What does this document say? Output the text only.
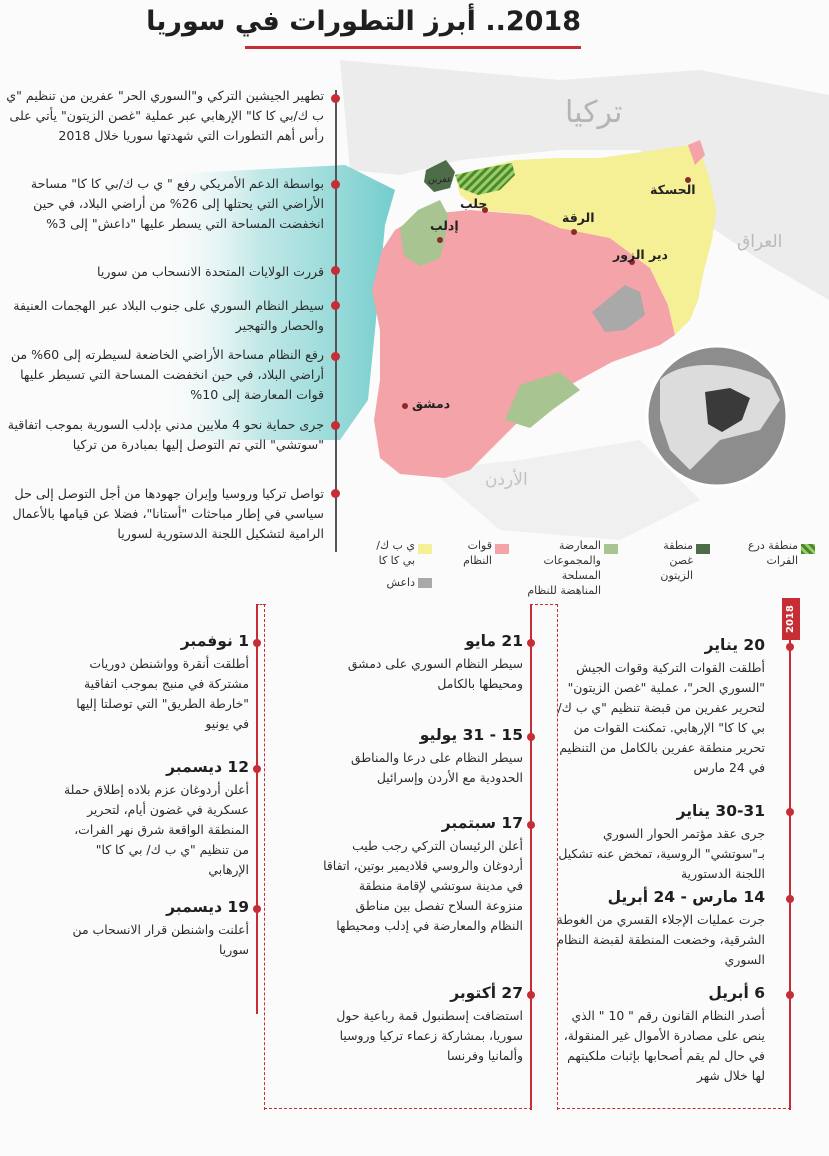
تركيا
العراق
الأردن
عفرين
حلب
إدلب
الرقة
الحسكة
دير الزور
دمشق
2018.. أبرز التطورات في سوريا
تطهير الجيشين التركي و"السوري الحر" عفرين من تنظيم "ي ب ك/بي كا كا" الإرهابي عبر عملية "غصن الزيتون" يأتي على رأس أهم التطورات التي شهدتها سوريا خلال 2018
بواسطة الدعم الأمريكي رفع " ي ب ك/بي كا كا" مساحة الأراضي التي يحتلها إلى 26% من أراضي البلاد، في حين انخفضت المساحة التي يسطر عليها "داعش" إلى 3%
قررت الولايات المتحدة الانسحاب من سوريا
سيطر النظام السوري على جنوب البلاد عبر الهجمات العنيفة والحصار والتهجير
رفع النظام مساحة الأراضي الخاضعة لسيطرته إلى 60% من أراضي البلاد، في حين انخفضت المساحة التي تسيطر عليها قوات المعارضة إلى 10%
جرى حماية نحو 4 ملايين مدني بإدلب السورية بموجب اتفاقية "سوتشي" التي تم التوصل إليها بمبادرة من تركيا
تواصل تركيا وروسيا وإيران جهودها من أجل التوصل إلى حل سياسي في إطار مباحثات "أستانا"، فضلا عن قيامها بالأعمال الرامية لتشكيل اللجنة الدستورية لسوريا
منطقة درع الفرات
منطقة غصن الزيتون
المعارضة والمجموعات المسلحة المناهضة للنظام
قوات النظام
ي ب ك/ بي كا كا
داعش
2018
20 يناير
أطلقت القوات التركية وقوات الجيش "السوري الحر"، عملية "غصن الزيتون" لتحرير عفرين من قبضة تنظيم "ي ب ك/بي كا كا" الإرهابي. تمكنت القوات من تحرير منطقة عفرين بالكامل من التنظيم في 24 مارس
30-31 يناير
جرى عقد مؤتمر الحوار السوري بـ"سوتشي" الروسية، تمخض عنه تشكيل اللجنة الدستورية
14 مارس - 24 أبريل
جرت عمليات الإجلاء القسري من الغوطة الشرقية، وخضعت المنطقة لقبضة النظام السوري
6 أبريل
أصدر النظام القانون رقم " 10 " الذي ينص على مصادرة الأموال غير المنقولة، في حال لم يقم أصحابها بإثبات ملكيتهم لها خلال شهر
21 مايو
سيطر النظام السوري على دمشق ومحيطها بالكامل
15 - 31 يوليو
سيطر النظام على درعا والمناطق الحدودية مع الأردن وإسرائيل
17 سبتمبر
أعلن الرئيسان التركي رجب طيب أردوغان والروسي فلاديمير بوتين، اتفاقا في مدينة سوتشي لإقامة منطقة منزوعة السلاح تفصل بين مناطق النظام والمعارضة في إدلب ومحيطها
27 أكتوبر
استضافت إسطنبول قمة رباعية حول سوريا، بمشاركة زعماء تركيا وروسيا وألمانيا وفرنسا
1 نوفمبر
أطلقت أنقرة وواشنطن دوريات مشتركة في منبج بموجب اتفاقية "خارطة الطريق" التي توصلتا إليها في يونيو
12 ديسمبر
أعلن أردوغان عزم بلاده إطلاق حملة عسكرية في غضون أيام، لتحرير المنطقة الواقعة شرق نهر الفرات، من تنظيم "ي ب ك/ بي كا كا" الإرهابي
19 ديسمبر
أعلنت واشنطن قرار الانسحاب من سوريا
